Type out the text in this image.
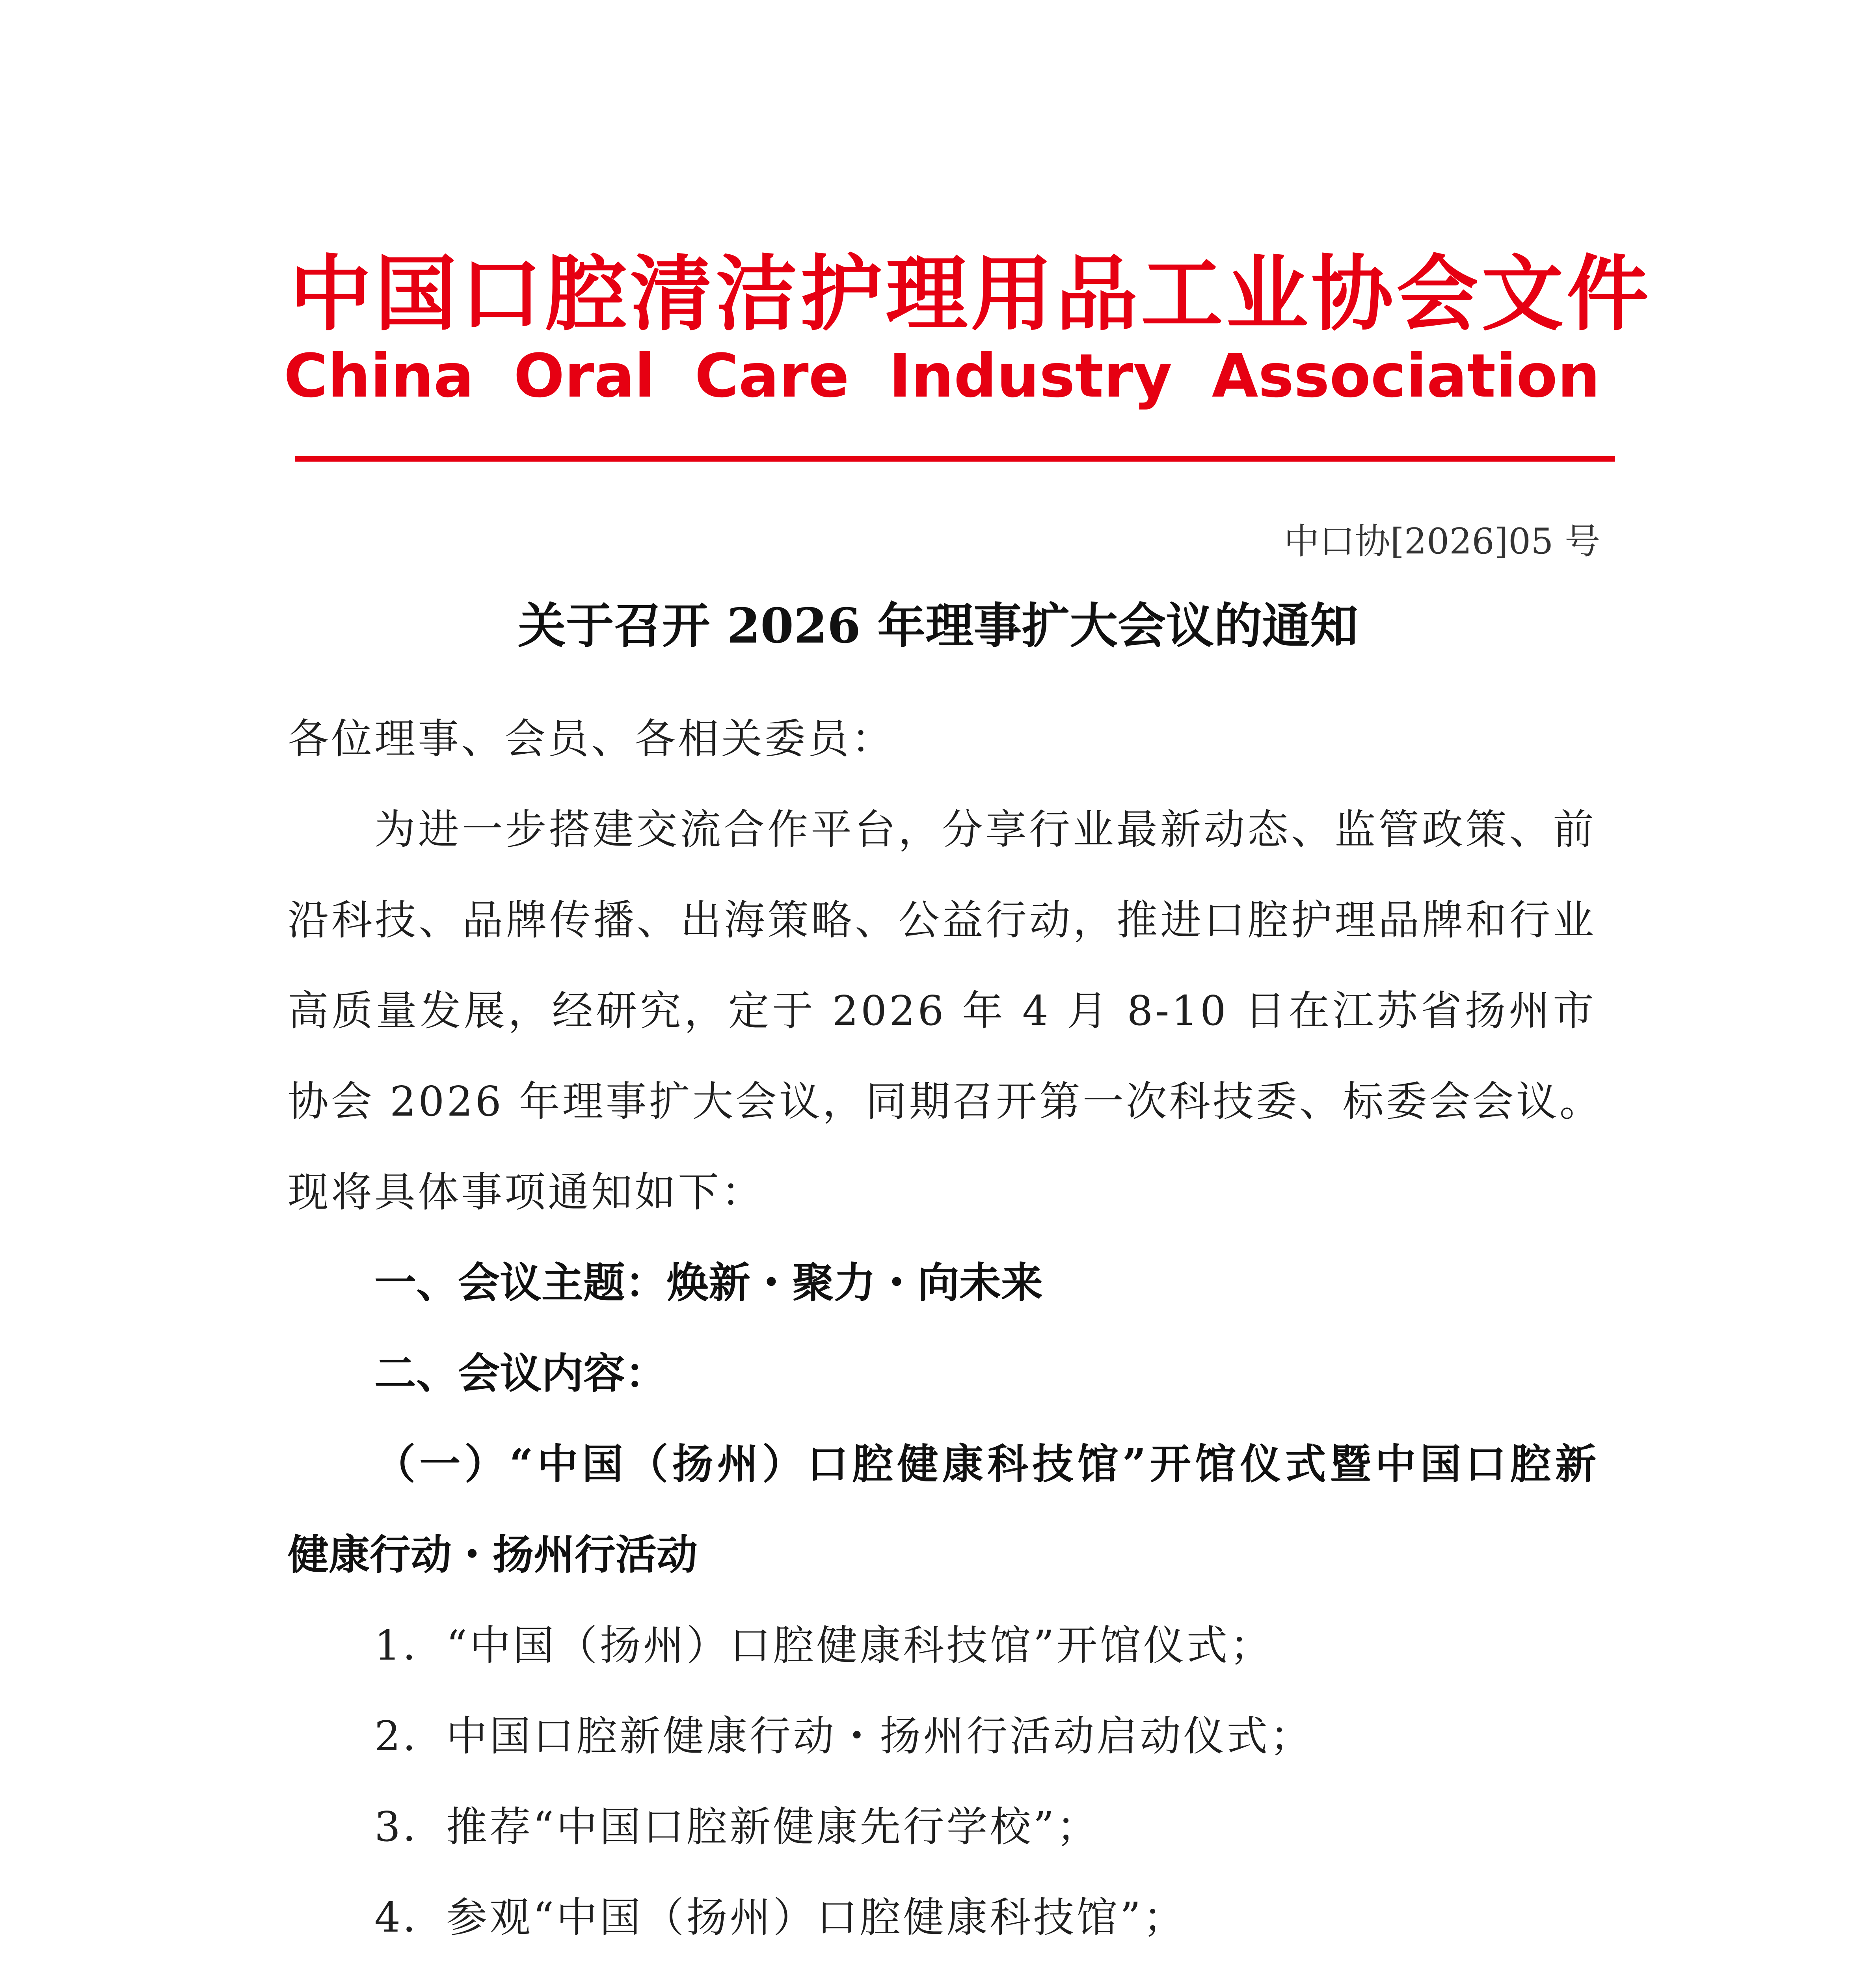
中国口腔清洁护理用品工业协会文件
China Oral Care Industry Association
中口协[2026]05 号
关于召开 2026 年理事扩大会议的通知
各位理事、会员、各相关委员：
为进一步搭建交流合作平台，分享行业最新动态、监管政策、前
沿科技、品牌传播、出海策略、公益行动，推进口腔护理品牌和行业
高质量发展，经研究，定于 2026 年 4 月 8-10 日在江苏省扬州市
协会 2026 年理事扩大会议，同期召开第一次科技委、标委会会议。
现将具体事项通知如下：
一、会议主题：焕新・聚力・向未来
二、会议内容：
（一）“中国（扬州）口腔健康科技馆”开馆仪式暨中国口腔新
健康行动・扬州行活动
1．“中国（扬州）口腔健康科技馆”开馆仪式；
2．中国口腔新健康行动・扬州行活动启动仪式；
3．推荐“中国口腔新健康先行学校”；
4．参观“中国（扬州）口腔健康科技馆”；
